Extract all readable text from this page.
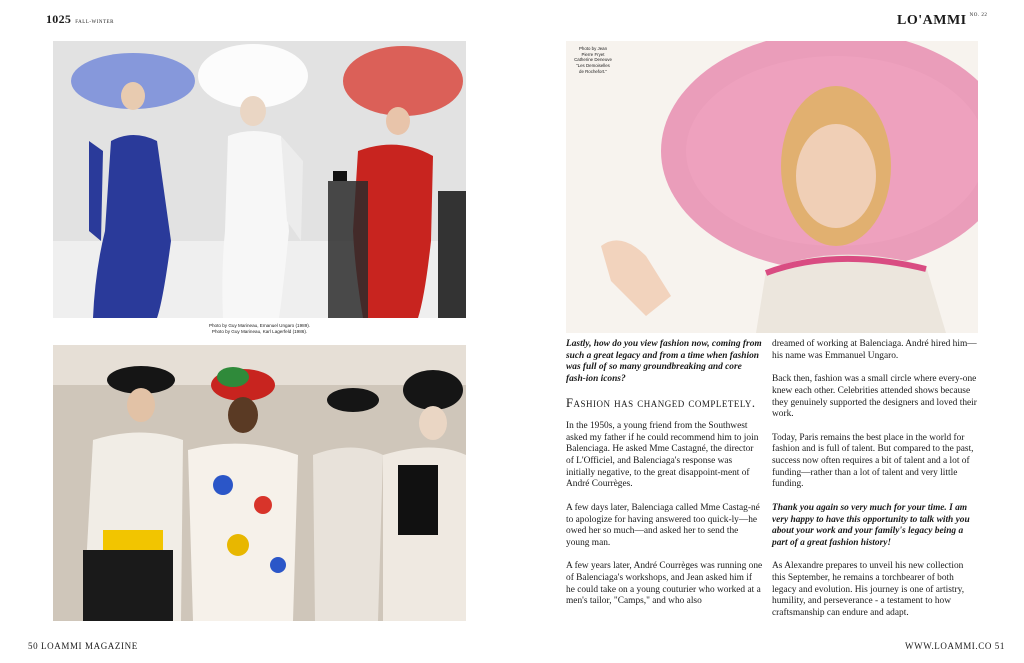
1025 FALL-WINTER	LO'AMMI $^{NO. 22}$
Photo by Guy Marineau, Emanuel Ungaro (1989).
Photo by Guy Marineau, Karl Lagerfeld (1986).
Photo by Jean
Pierre Fryet
Catherine Deneuve
"Les Demoiselles
de Rochefort."

Lastly, how do you view fashion now, coming from such a great legacy and from a time when fashion was full of so many groundbreaking and core fash-ion icons?

Fashion has changed completely.

In the 1950s, a young friend from the Southwest asked my father if he could recommend him to join Balenciaga. He asked Mme Castagné, the director of L'Officiel, and Balenciaga's response was initially negative, to the great disappoint-ment of André Courrèges.

A few days later, Balenciaga called Mme Castag-né to apologize for having answered too quick-ly—he owed her so much—and asked her to send the young man.

A few years later, André Courrèges was running one of Balenciaga's workshops, and Jean asked him if he could take on a young couturier who worked at a men's tailor, "Camps," and who also

dreamed of working at Balenciaga. André hired him—his name was Emmanuel Ungaro.

Back then, fashion was a small circle where every-one knew each other. Celebrities attended shows because they genuinely supported the designers and loved their work.

Today, Paris remains the best place in the world for fashion and is full of talent. But compared to the past, success now often requires a bit of talent and a lot of funding—rather than a lot of talent and very little funding.

Thank you again so very much for your time. I am very happy to have this opportunity to talk with you about your work and your family's legacy being a part of a great fashion history!

As Alexandre prepares to unveil his new collection this September, he remains a torchbearer of both legacy and evolution. His journey is one of artistry, humility, and perseverance - a testament to how craftsmanship can endure and adapt.

50 LOAMMI MAGAZINE	WWW.LOAMMI.CO 51
